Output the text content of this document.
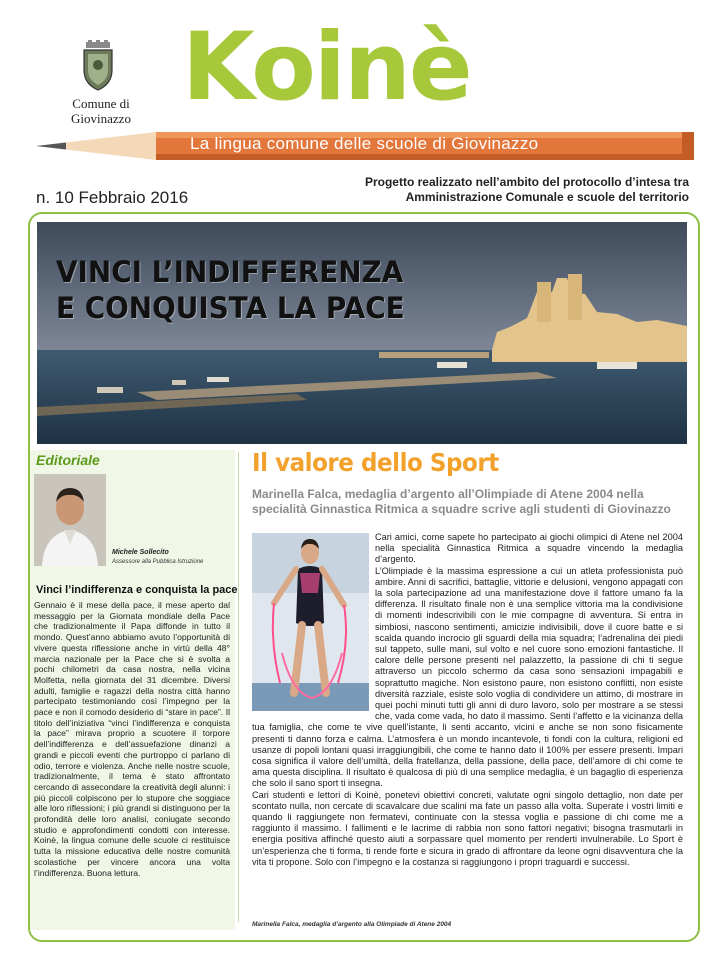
Comune di Giovinazzo Koinè
La lingua comune delle scuole di Giovinazzo
n. 10 Febbraio 2016
Progetto realizzato nell’ambito del protocollo d’intesa tra Amministrazione Comunale e scuole del territorio
VINCI L’INDIFFERENZA
E CONQUISTA LA PACE
Editoriale
Michele Sollecito
Assessore alla Pubblica Istruzione
Vinci l’indifferenza e conquista la pace
Gennaio è il mese della pace, il mese aperto dal messaggio per la Giornata mondiale della Pace che tradizionalmente il Papa diffonde in tutto il mondo. Quest’anno abbiamo avuto l’opportunità di vivere questa riflessione anche in virtù della 48° marcia nazionale per la Pace che si è svolta a pochi chilometri da casa nostra, nella vicina Molfetta, nella giornata del 31 dicembre. Diversi adulti, famiglie e ragazzi della nostra città hanno partecipato testimoniando così l’impegno per la pace e non il comodo desiderio di “stare in pace”. Il titolo dell’iniziativa “vinci l’indifferenza e conquista la pace” mirava proprio a scuotere il torpore dell’indifferenza e dell’assuefazione dinanzi a grandi e piccoli eventi che purtroppo ci parlano di odio, terrore e violenza. Anche nelle nostre scuole, tradizionalmente, il tema è stato affrontato cercando di assecondare la creatività degli alunni: i più piccoli colpiscono per lo stupore che soggiace alle loro riflessioni; i più grandi si distinguono per la profondità delle loro analisi, coniugate secondo studio e approfondimenti condotti con interesse. Koinè, la lingua comune delle scuole ci restituisce tutta la missione educativa delle nostre comunità scolastiche per vincere ancora una volta l’indifferenza. Buona lettura.
Il valore dello Sport
Marinella Falca, medaglia d’argento all’Olimpiade di Atene 2004 nella specialità Ginnastica Ritmica a squadre scrive agli studenti di Giovinazzo

Cari amici, come sapete ho partecipato ai giochi olimpici di Atene nel 2004 nella specialità Ginnastica Ritmica a squadre vincendo la medaglia d’argento.

L’Olimpiade è la massima espressione a cui un atleta professionista può ambire. Anni di sacrifici, battaglie, vittorie e delusioni, vengono appagati con la sola partecipazione ad una manifestazione dove il fattore umano fa la differenza. Il risultato finale non è una semplice vittoria ma la condivisione di momenti indescrivibili con le mie compagne di avventura. Si entra in simbiosi, nascono sentimenti, amicizie indivisibili, dove il cuore batte e si scalda quando incrocio gli sguardi della mia squadra; l’adrenalina dei piedi sul tappeto, sulle mani, sul volto e nel cuore sono emozioni fantastiche. Il calore delle persone presenti nel palazzetto, la passione di chi ti segue attraverso un piccolo schermo da casa sono sensazioni impagabili e soprattutto magiche. Non esistono paure, non esistono conflitti, non esiste diversità razziale, esiste solo voglia di condividere un attimo, di mostrare in quei pochi minuti tutti gli anni di duro lavoro, solo per mostrare a se stessi che, vada come vada, ho dato il massimo. Senti l’affetto e la vicinanza della tua famiglia, che come te vive quell’istante, li senti accanto, vicini e anche se non sono fisicamente presenti ti danno forza e calma. L’atmosfera è un mondo incantevole, ti fondi con la cultura, religioni ed usanze di popoli lontani quasi irraggiungibili, che come te hanno dato il 100% per essere presenti. Impari cosa significa il valore dell’umiltà, della fratellanza, della passione, della pace, dell’amore di chi come te ama questa disciplina. Il risultato è qualcosa di più di una semplice medaglia, è un bagaglio di esperienza che solo il sano sport ti insegna.

Cari studenti e lettori di Koinè, ponetevi obiettivi concreti, valutate ogni singolo dettaglio, non date per scontato nulla, non cercate di scavalcare due scalini ma fate un passo alla volta. Superate i vostri limiti e quando li raggiungete non fermatevi, continuate con la stessa voglia e passione di chi come me a raggiunto il massimo. I fallimenti e le lacrime di rabbia non sono fattori negativi; bisogna trasmutarli in energia positiva affinché questo aiuti a sorpassare quel momento per renderti invulnerabile. Lo Sport è un’esperienza che ti forma, ti rende forte e sicura in grado di affrontare da leone ogni disavventura che la vita ti propone. Solo con l’impegno e la costanza si raggiungono i propri traguardi e successi.

Marinella Falca, medaglia d’argento alla Olimpiade di Atene 2004
